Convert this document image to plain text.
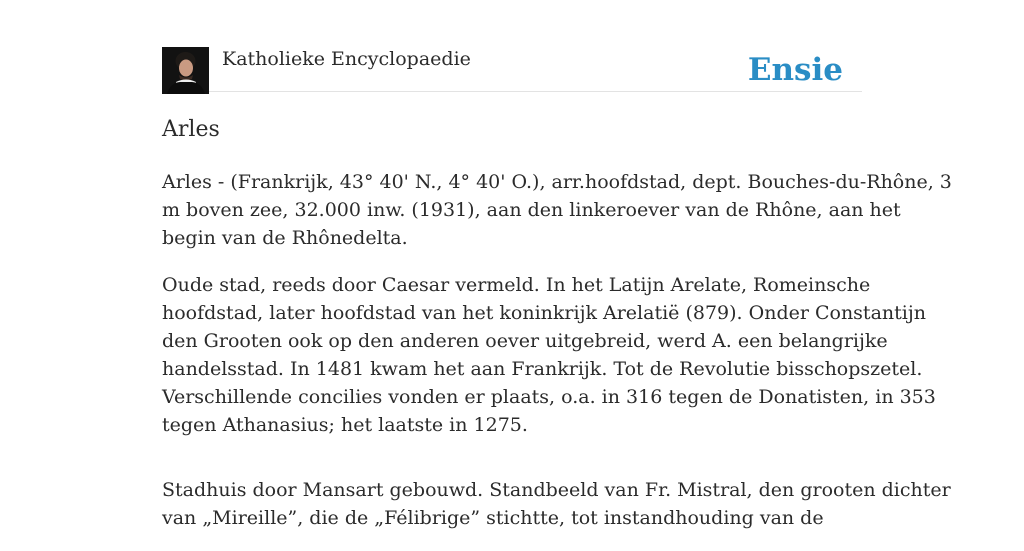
Katholieke Encyclopaedie	Ensie
Arles

Arles - (Frankrijk, 43° 40' N., 4° 40' O.), arr.hoofdstad, dept. Bouches-du-Rhône, 3
m boven zee, 32.000 inw. (1931), aan den linkeroever van de Rhône, aan het
begin van de Rhônedelta.

Oude stad, reeds door Caesar vermeld. In het Latijn Arelate, Romeinsche
hoofdstad, later hoofdstad van het koninkrijk Arelatië (879). Onder Constantijn
den Grooten ook op den anderen oever uitgebreid, werd A. een belangrijke
handelsstad. In 1481 kwam het aan Frankrijk. Tot de Revolutie bisschopszetel.
Verschillende concilies vonden er plaats, o.a. in 316 tegen de Donatisten, in 353
tegen Athanasius; het laatste in 1275.

Stadhuis door Mansart gebouwd. Standbeeld van Fr. Mistral, den grooten dichter
van „Mireille”, die de „Félibrige” stichtte, tot instandhouding van de
